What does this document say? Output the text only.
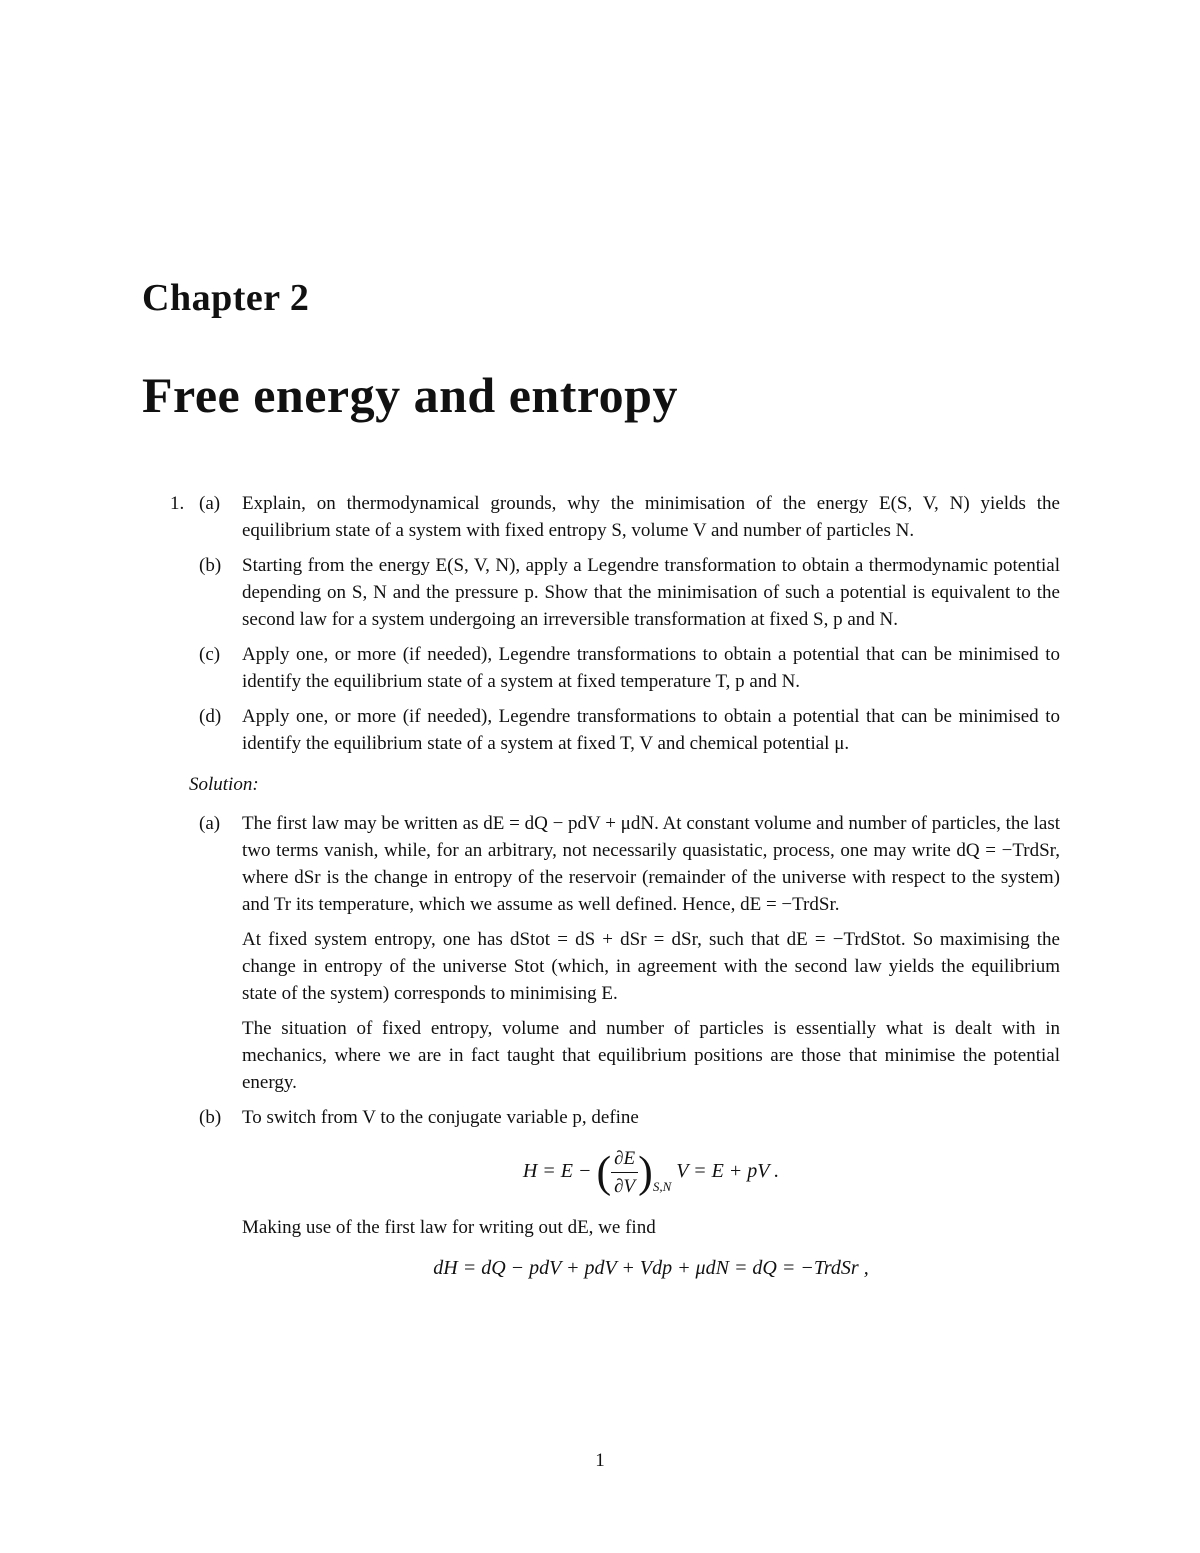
Chapter 2
Free energy and entropy
1. (a) Explain, on thermodynamical grounds, why the minimisation of the energy E(S, V, N) yields the equilibrium state of a system with fixed entropy S, volume V and number of particles N.
(b) Starting from the energy E(S, V, N), apply a Legendre transformation to obtain a thermodynamic potential depending on S, N and the pressure p. Show that the minimisation of such a potential is equivalent to the second law for a system undergoing an irreversible transformation at fixed S, p and N.
(c) Apply one, or more (if needed), Legendre transformations to obtain a potential that can be minimised to identify the equilibrium state of a system at fixed temperature T, p and N.
(d) Apply one, or more (if needed), Legendre transformations to obtain a potential that can be minimised to identify the equilibrium state of a system at fixed T, V and chemical potential μ.
Solution:
(a) The first law may be written as dE = dQ − pdV + μdN. At constant volume and number of particles, the last two terms vanish, while, for an arbitrary, not necessarily quasistatic, process, one may write dQ = −TrdSr, where dSr is the change in entropy of the reservoir (remainder of the universe with respect to the system) and Tr its temperature, which we assume as well defined. Hence, dE = −TrdSr.
At fixed system entropy, one has dStot = dS + dSr = dSr, such that dE = −TrdStot. So maximising the change in entropy of the universe Stot (which, in agreement with the second law yields the equilibrium state of the system) corresponds to minimising E.
The situation of fixed entropy, volume and number of particles is essentially what is dealt with in mechanics, where we are in fact taught that equilibrium positions are those that minimise the potential energy.
(b) To switch from V to the conjugate variable p, define
H = E − ( $\frac{\partial E}{\partial V} )_{S,N}$ V = E + pV .
Making use of the first law for writing out dE, we find
dH = dQ − pdV + pdV + Vdp + μdN = dQ = −TrdSr ,
1
